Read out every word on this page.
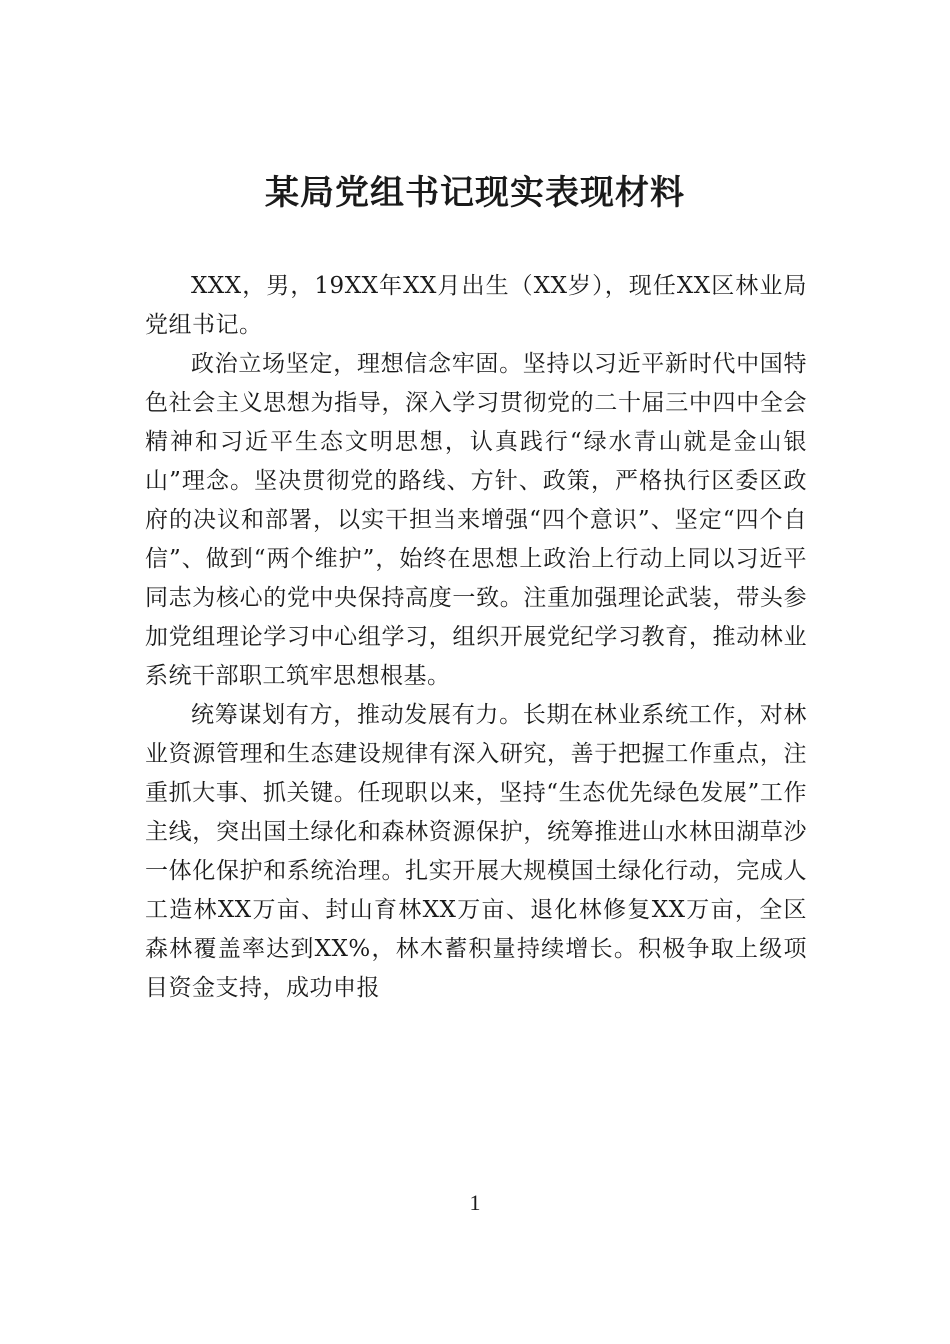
某局党组书记现实表现材料

XXX，男，19XX年XX月出生（XX岁），现任XX区林业局党组书记。

政治立场坚定，理想信念牢固。坚持以习近平新时代中国特色社会主义思想为指导，深入学习贯彻党的二十届三中四中全会精神和习近平生态文明思想，认真践行“绿水青山就是金山银山”理念。坚决贯彻党的路线、方针、政策，严格执行区委区政府的决议和部署，以实干担当来增强“四个意识”、坚定“四个自信”、做到“两个维护”，始终在思想上政治上行动上同以习近平同志为核心的党中央保持高度一致。注重加强理论武装，带头参加党组理论学习中心组学习，组织开展党纪学习教育，推动林业系统干部职工筑牢思想根基。

统筹谋划有方，推动发展有力。长期在林业系统工作，对林业资源管理和生态建设规律有深入研究，善于把握工作重点，注重抓大事、抓关键。任现职以来，坚持“生态优先绿色发展”工作主线，突出国土绿化和森林资源保护，统筹推进山水林田湖草沙一体化保护和系统治理。扎实开展大规模国土绿化行动，完成人工造林XX万亩、封山育林XX万亩、退化林修复XX万亩，全区森林覆盖率达到XX%，林木蓄积量持续增长。积极争取上级项目资金支持，成功申报

1
